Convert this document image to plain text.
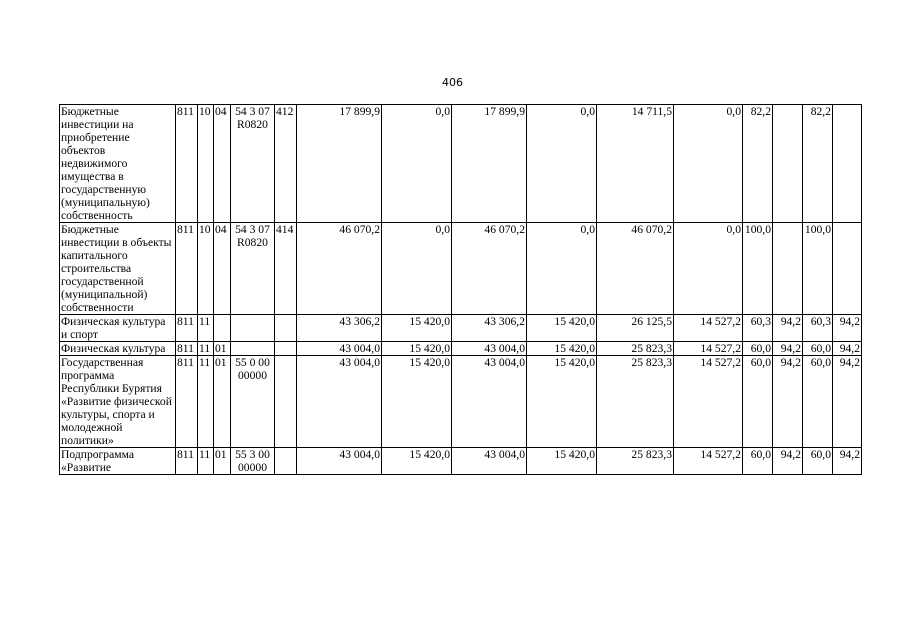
406
Бюджетные инвестиции на приобретение объектов недвижимого имущества в государственную (муниципальную) собственность	811	10	04	54 3 07 R0820	412	17 899,9	0,0	17 899,9	0,0	14 711,5	0,0	82,2		82,2	
Бюджетные инвестиции в объекты капитального строительства государственной (муниципальной) собственности	811	10	04	54 3 07 R0820	414	46 070,2	0,0	46 070,2	0,0	46 070,2	0,0	100,0		100,0	
Физическая культура и спорт	811	11				43 306,2	15 420,0	43 306,2	15 420,0	26 125,5	14 527,2	60,3	94,2	60,3	94,2
Физическая культура	811	11	01			43 004,0	15 420,0	43 004,0	15 420,0	25 823,3	14 527,2	60,0	94,2	60,0	94,2
Государственная программа Республики Бурятия «Развитие физической культуры, спорта и молодежной политики»	811	11	01	55 0 00 00000		43 004,0	15 420,0	43 004,0	15 420,0	25 823,3	14 527,2	60,0	94,2	60,0	94,2
Подпрограмма «Развитие	811	11	01	55 3 00 00000		43 004,0	15 420,0	43 004,0	15 420,0	25 823,3	14 527,2	60,0	94,2	60,0	94,2
